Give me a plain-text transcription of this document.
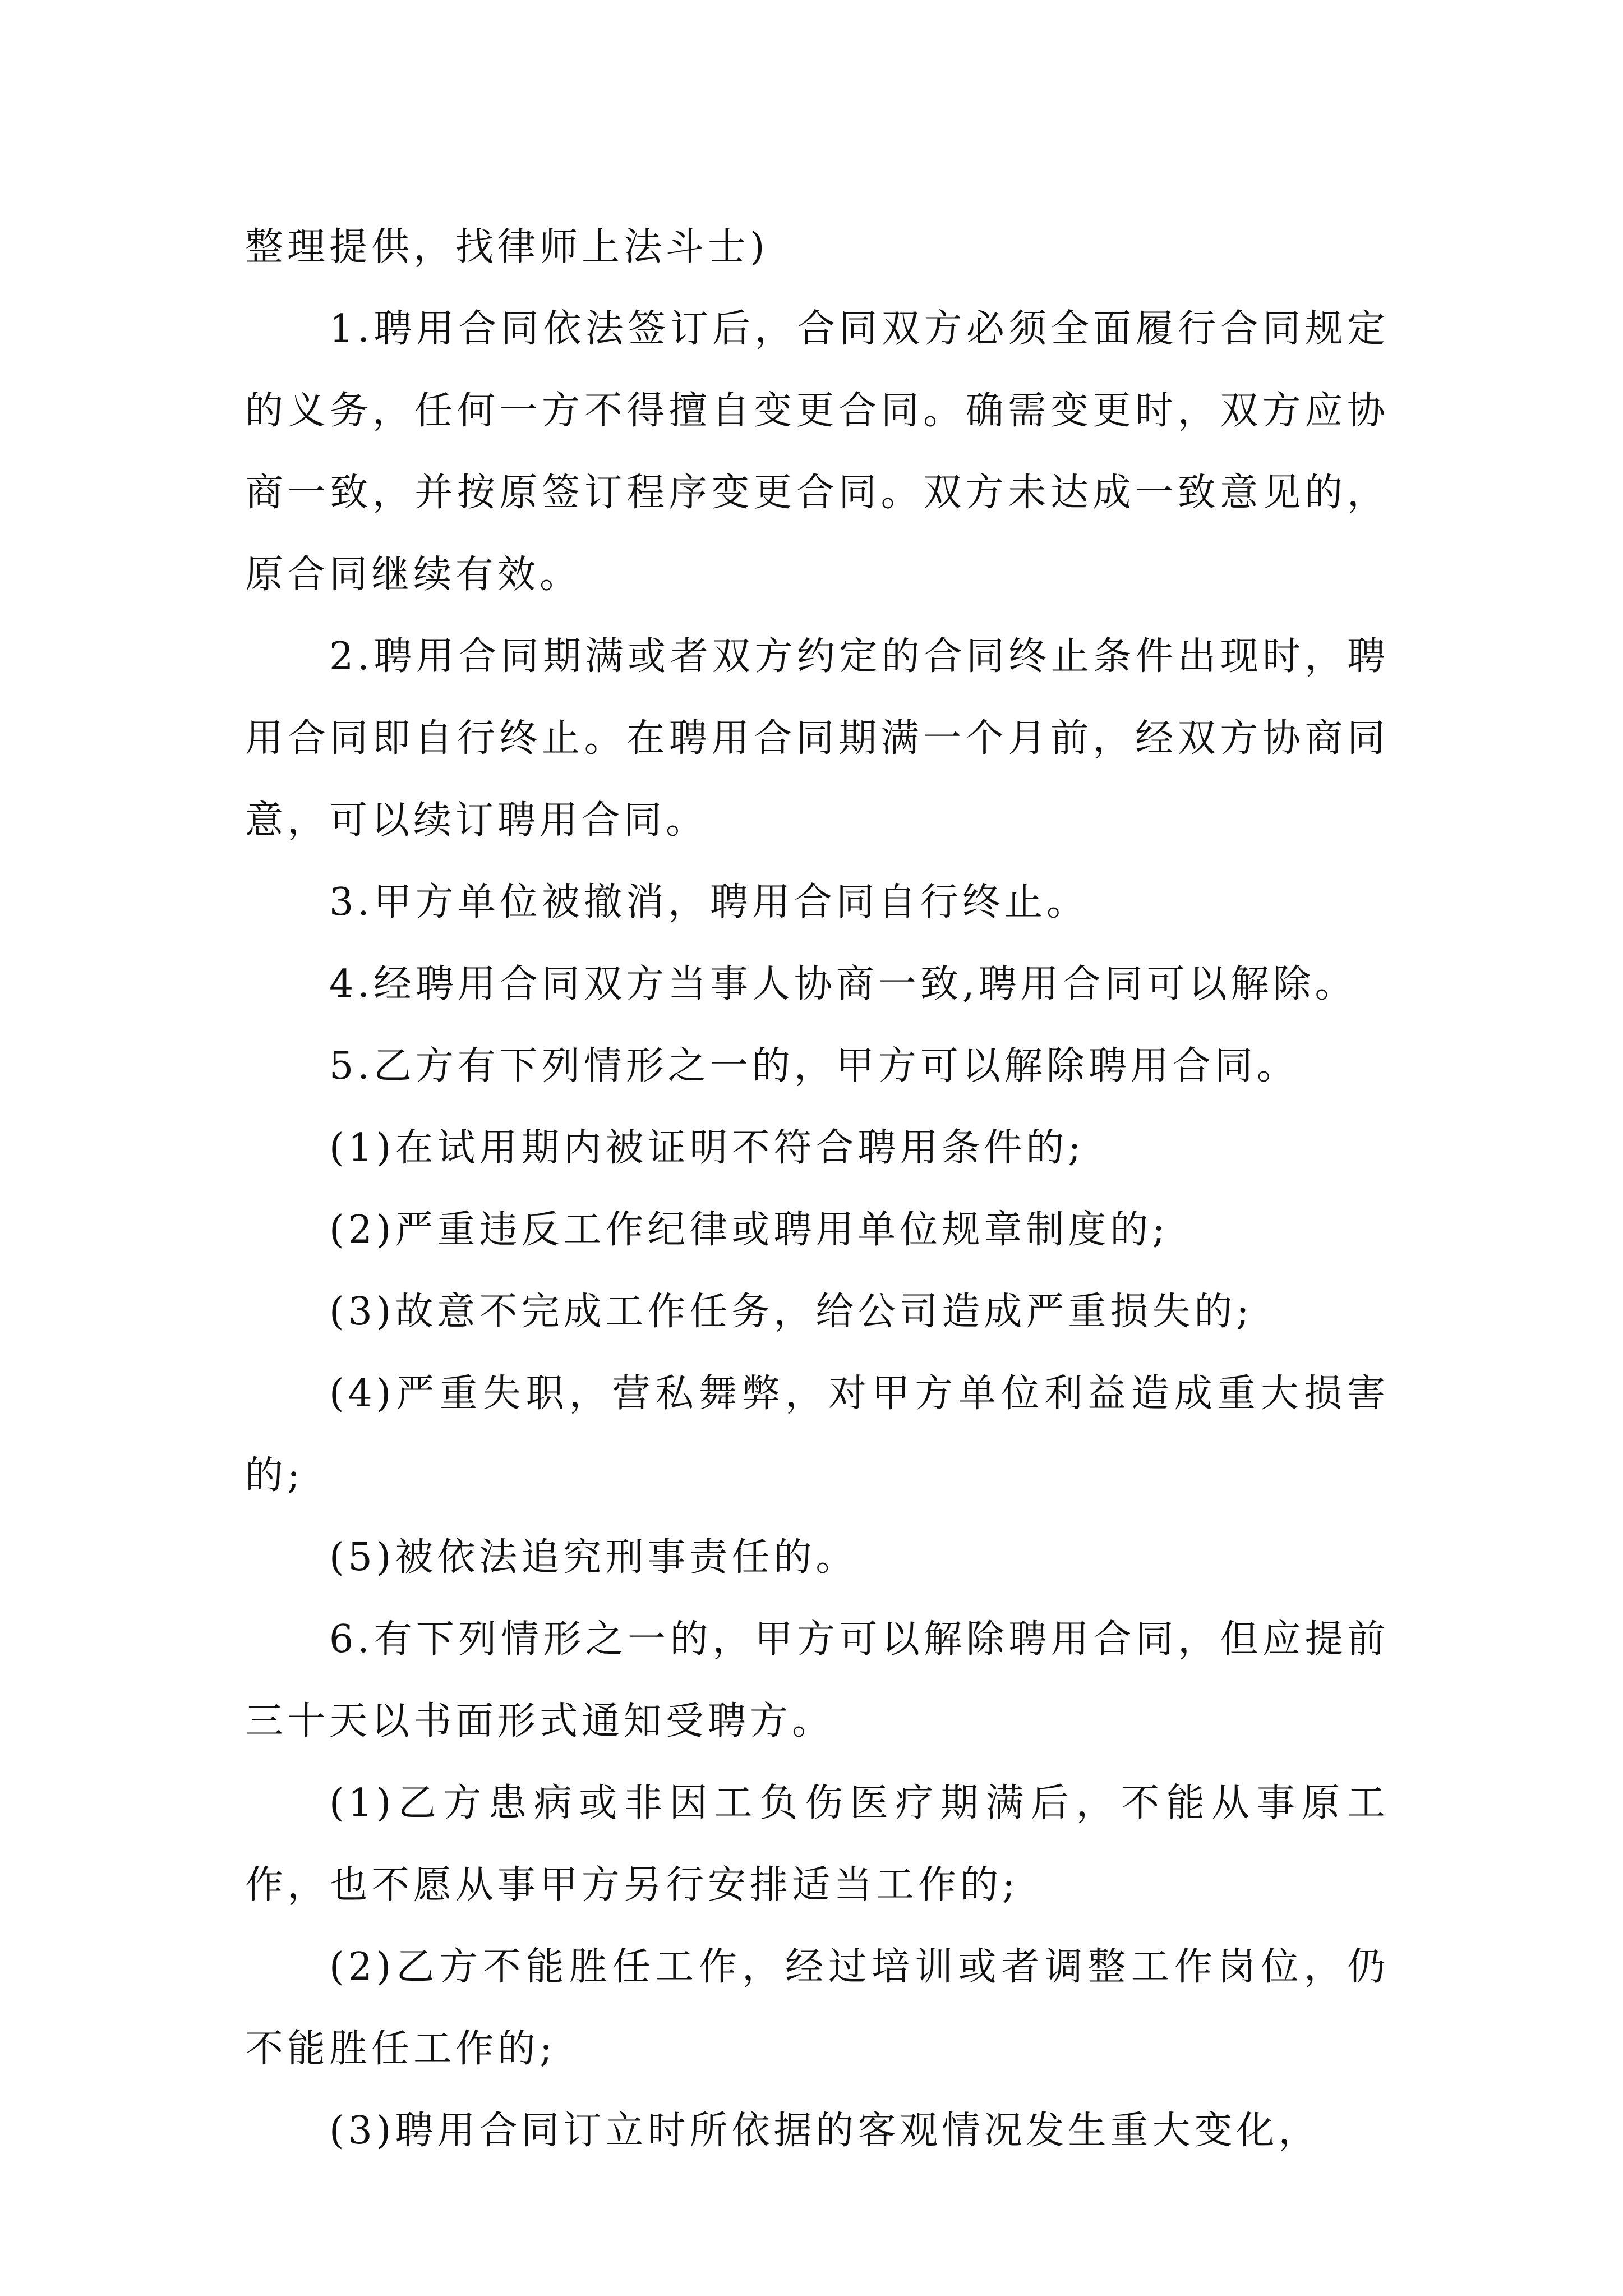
整理提供，找律师上法斗士)

1.聘用合同依法签订后，合同双方必须全面履行合同规定的义务，任何一方不得擅自变更合同。确需变更时，双方应协商一致，并按原签订程序变更合同。双方未达成一致意见的，原合同继续有效。

2.聘用合同期满或者双方约定的合同终止条件出现时，聘用合同即自行终止。在聘用合同期满一个月前，经双方协商同意，可以续订聘用合同。

3.甲方单位被撤消，聘用合同自行终止。

4.经聘用合同双方当事人协商一致,聘用合同可以解除。

5.乙方有下列情形之一的，甲方可以解除聘用合同。

(1)在试用期内被证明不符合聘用条件的;

(2)严重违反工作纪律或聘用单位规章制度的;

(3)故意不完成工作任务，给公司造成严重损失的;

(4)严重失职，营私舞弊，对甲方单位利益造成重大损害的;

(5)被依法追究刑事责任的。

6.有下列情形之一的，甲方可以解除聘用合同，但应提前三十天以书面形式通知受聘方。

(1)乙方患病或非因工负伤医疗期满后，不能从事原工作，也不愿从事甲方另行安排适当工作的;

(2)乙方不能胜任工作，经过培训或者调整工作岗位，仍不能胜任工作的;

(3)聘用合同订立时所依据的客观情况发生重大变化，
